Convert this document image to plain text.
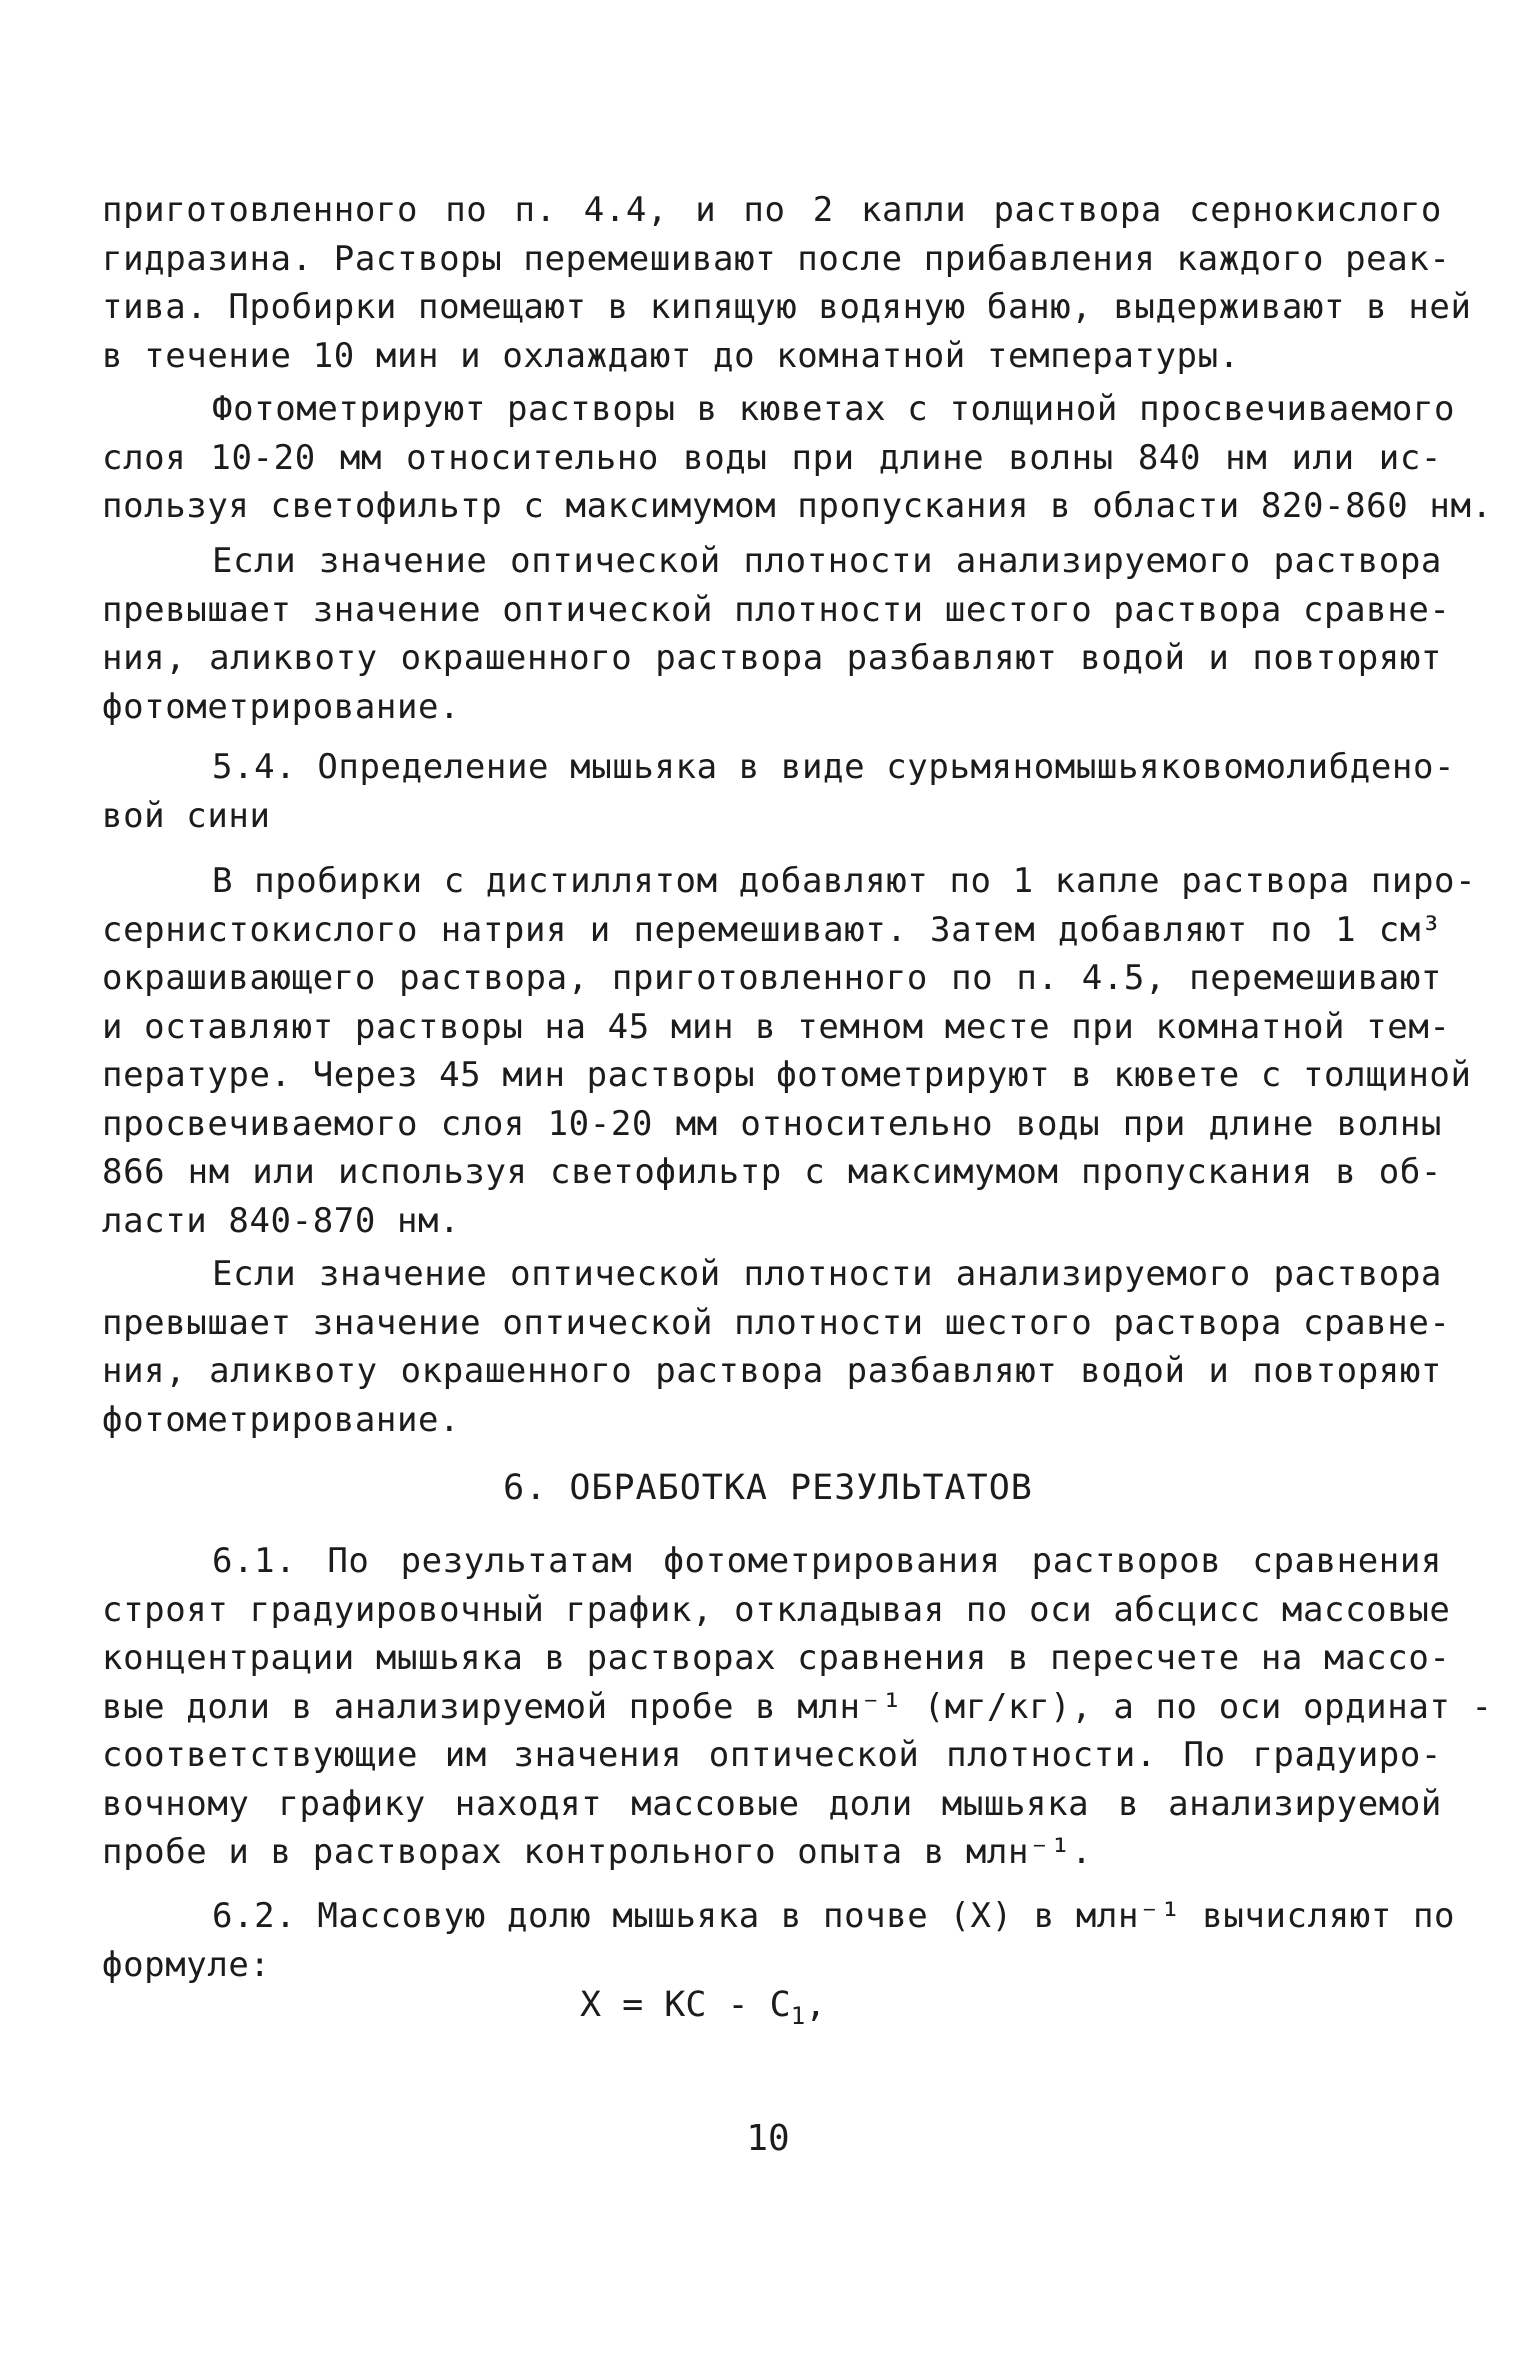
приготовленного по п. 4.4, и по 2 капли раствора сернокислого
гидразина. Растворы перемешивают после прибавления каждого реак-
тива. Пробирки помещают в кипящую водяную баню, выдерживают в ней
в течение 10 мин и охлаждают до комнатной температуры.
Фотометрируют растворы в кюветах с толщиной просвечиваемого
слоя 10-20 мм относительно воды при длине волны 840 нм или ис-
пользуя светофильтр с максимумом пропускания в области 820-860 нм.
Если значение оптической плотности анализируемого раствора
превышает значение оптической плотности шестого раствора сравне-
ния, аликвоту окрашенного раствора разбавляют водой и повторяют
фотометрирование.
5.4. Определение мышьяка в виде сурьмяномышьяковомолибдено-
вой сини
В пробирки с дистиллятом добавляют по 1 капле раствора пиро-
сернистокислого натрия и перемешивают. Затем добавляют по 1 см³
окрашивающего раствора, приготовленного по п. 4.5, перемешивают
и оставляют растворы на 45 мин в темном месте при комнатной тем-
пературе. Через 45 мин растворы фотометрируют в кювете с толщиной
просвечиваемого слоя 10-20 мм относительно воды при длине волны
866 нм или используя светофильтр с максимумом пропускания в об-
ласти 840-870 нм.
Если значение оптической плотности анализируемого раствора
превышает значение оптической плотности шестого раствора сравне-
ния, аликвоту окрашенного раствора разбавляют водой и повторяют
фотометрирование.
6. ОБРАБОТКА РЕЗУЛЬТАТОВ
6.1. По результатам фотометрирования растворов сравнения
строят градуировочный график, откладывая по оси абсцисс массовые
концентрации мышьяка в растворах сравнения в пересчете на массо-
вые доли в анализируемой пробе в млн⁻¹ (мг/кг), а по оси ординат -
соответствующие им значения оптической плотности. По градуиро-
вочному графику находят массовые доли мышьяка в анализируемой
пробе и в растворах контрольного опыта в млн⁻¹.
6.2. Массовую долю мышьяка в почве (X) в млн⁻¹ вычисляют по
формуле:
X = КС - $С_1$,
10
